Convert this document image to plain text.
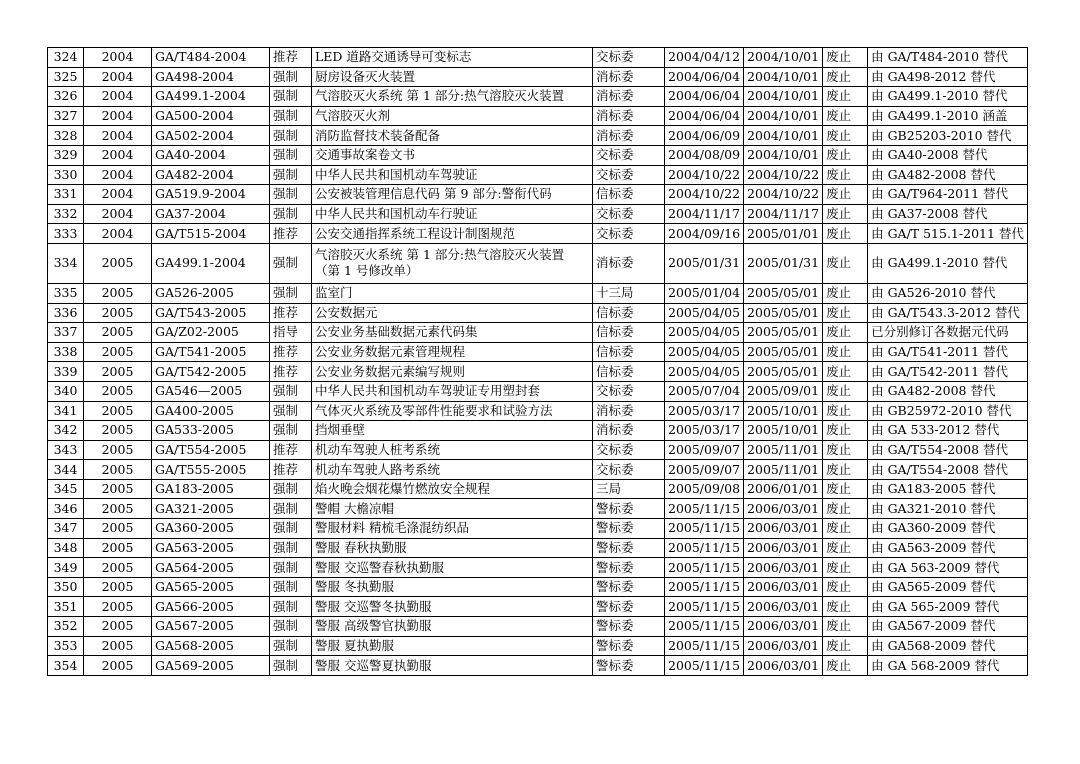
324	2004	GA/T484-2004	推荐	LED 道路交通诱导可变标志	交标委	2004/04/12	2004/10/01	废止	由 GA/T484-2010 替代
325	2004	GA498-2004	强制	厨房设备灭火装置	消标委	2004/06/04	2004/10/01	废止	由 GA498-2012 替代
326	2004	GA499.1-2004	强制	气溶胶灭火系统 第 1 部分:热气溶胶灭火装置	消标委	2004/06/04	2004/10/01	废止	由 GA499.1-2010 替代
327	2004	GA500-2004	强制	气溶胶灭火剂	消标委	2004/06/04	2004/10/01	废止	由 GA499.1-2010 涵盖
328	2004	GA502-2004	强制	消防监督技术装备配备	消标委	2004/06/09	2004/10/01	废止	由 GB25203-2010 替代
329	2004	GA40-2004	强制	交通事故案卷文书	交标委	2004/08/09	2004/10/01	废止	由 GA40-2008 替代
330	2004	GA482-2004	强制	中华人民共和国机动车驾驶证	交标委	2004/10/22	2004/10/22	废止	由 GA482-2008 替代
331	2004	GA519.9-2004	强制	公安被装管理信息代码 第 9 部分:警衔代码	信标委	2004/10/22	2004/10/22	废止	由 GA/T964-2011 替代
332	2004	GA37-2004	强制	中华人民共和国机动车行驶证	交标委	2004/11/17	2004/11/17	废止	由 GA37-2008 替代
333	2004	GA/T515-2004	推荐	公安交通指挥系统工程设计制图规范	交标委	2004/09/16	2005/01/01	废止	由 GA/T 515.1-2011 替代
334	2005	GA499.1-2004	强制	气溶胶灭火系统 第 1 部分:热气溶胶灭火装置（第 1 号修改单）	消标委	2005/01/31	2005/01/31	废止	由 GA499.1-2010 替代
335	2005	GA526-2005	强制	监室门	十三局	2005/01/04	2005/05/01	废止	由 GA526-2010 替代
336	2005	GA/T543-2005	推荐	公安数据元	信标委	2005/04/05	2005/05/01	废止	由 GA/T543.3-2012 替代
337	2005	GA/Z02-2005	指导	公安业务基础数据元素代码集	信标委	2005/04/05	2005/05/01	废止	已分别修订各数据元代码
338	2005	GA/T541-2005	推荐	公安业务数据元素管理规程	信标委	2005/04/05	2005/05/01	废止	由 GA/T541-2011 替代
339	2005	GA/T542-2005	推荐	公安业务数据元素编写规则	信标委	2005/04/05	2005/05/01	废止	由 GA/T542-2011 替代
340	2005	GA546—2005	强制	中华人民共和国机动车驾驶证专用塑封套	交标委	2005/07/04	2005/09/01	废止	由 GA482-2008 替代
341	2005	GA400-2005	强制	气体灭火系统及零部件性能要求和试验方法	消标委	2005/03/17	2005/10/01	废止	由 GB25972-2010 替代
342	2005	GA533-2005	强制	挡烟垂壁	消标委	2005/03/17	2005/10/01	废止	由 GA 533-2012 替代
343	2005	GA/T554-2005	推荐	机动车驾驶人桩考系统	交标委	2005/09/07	2005/11/01	废止	由 GA/T554-2008 替代
344	2005	GA/T555-2005	推荐	机动车驾驶人路考系统	交标委	2005/09/07	2005/11/01	废止	由 GA/T554-2008 替代
345	2005	GA183-2005	强制	焰火晚会烟花爆竹燃放安全规程	三局	2005/09/08	2006/01/01	废止	由 GA183-2005 替代
346	2005	GA321-2005	强制	警帽 大檐凉帽	警标委	2005/11/15	2006/03/01	废止	由 GA321-2010 替代
347	2005	GA360-2005	强制	警服材料 精梳毛涤混纺织品	警标委	2005/11/15	2006/03/01	废止	由 GA360-2009 替代
348	2005	GA563-2005	强制	警服 春秋执勤服	警标委	2005/11/15	2006/03/01	废止	由 GA563-2009 替代
349	2005	GA564-2005	强制	警服 交巡警春秋执勤服	警标委	2005/11/15	2006/03/01	废止	由 GA 563-2009 替代
350	2005	GA565-2005	强制	警服 冬执勤服	警标委	2005/11/15	2006/03/01	废止	由 GA565-2009 替代
351	2005	GA566-2005	强制	警服 交巡警冬执勤服	警标委	2005/11/15	2006/03/01	废止	由 GA 565-2009 替代
352	2005	GA567-2005	强制	警服 高级警官执勤服	警标委	2005/11/15	2006/03/01	废止	由 GA567-2009 替代
353	2005	GA568-2005	强制	警服 夏执勤服	警标委	2005/11/15	2006/03/01	废止	由 GA568-2009 替代
354	2005	GA569-2005	强制	警服 交巡警夏执勤服	警标委	2005/11/15	2006/03/01	废止	由 GA 568-2009 替代
